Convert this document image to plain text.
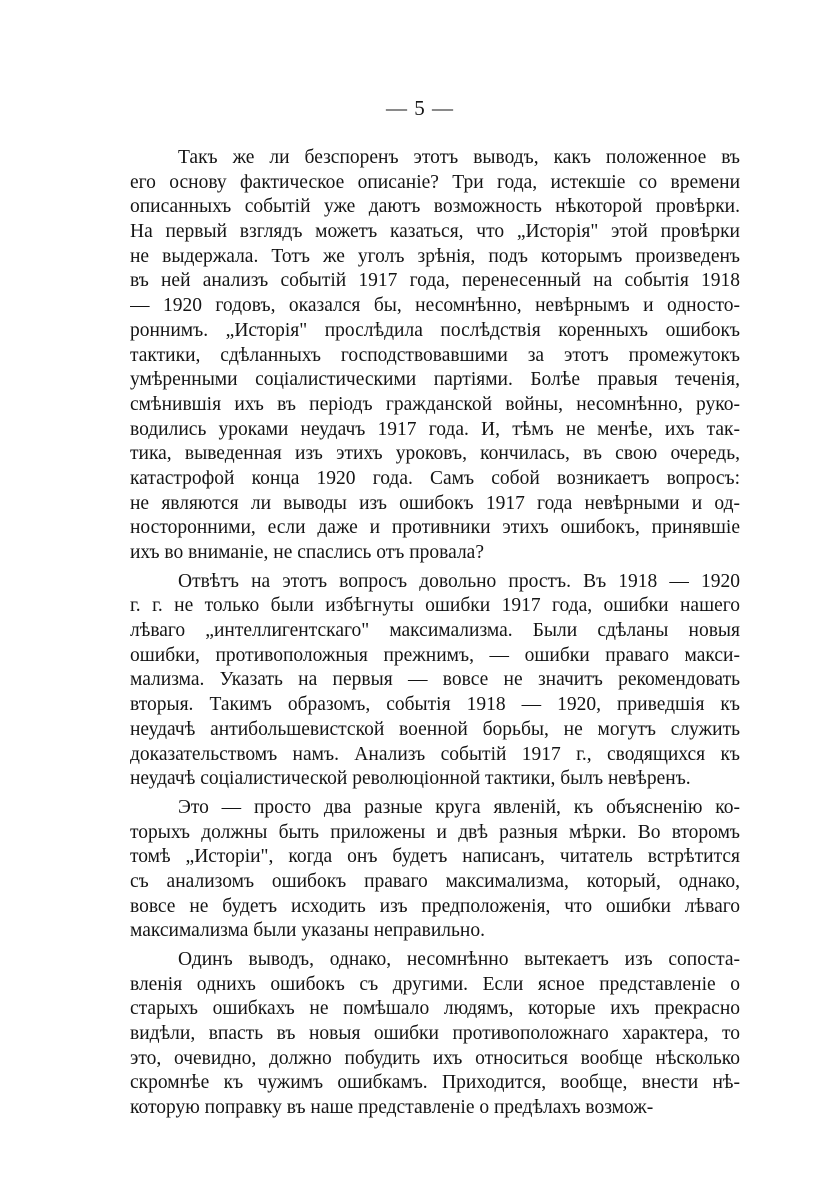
— 5 —
Такъ же ли безспоренъ этотъ выводъ, какъ положенное въ
его основу фактическое описаніе? Три года, истекшіе со времени
описанныхъ событій уже даютъ возможность нѣкоторой провѣрки.
На первый взглядъ можетъ казаться, что „Исторія" этой провѣрки
не выдержала. Тотъ же уголъ зрѣнія, подъ которымъ произведенъ
въ ней анализъ событій 1917 года, перенесенный на событія 1918
— 1920 годовъ, оказался бы, несомнѣнно, невѣрнымъ и односто-
роннимъ. „Исторія" прослѣдила послѣдствія коренныхъ ошибокъ
тактики, сдѣланныхъ господствовавшими за этотъ промежутокъ
умѣренными соціалистическими партіями. Болѣе правыя теченія,
смѣнившія ихъ въ періодъ гражданской войны, несомнѣнно, руко-
водились уроками неудачъ 1917 года. И, тѣмъ не менѣе, ихъ так-
тика, выведенная изъ этихъ уроковъ, кончилась, въ свою очередь,
катастрофой конца 1920 года. Самъ собой возникаетъ вопросъ:
не являются ли выводы изъ ошибокъ 1917 года невѣрными и од-
носторонними, если даже и противники этихъ ошибокъ, принявшіе
ихъ во вниманіе, не спаслись отъ провала?
Отвѣтъ на этотъ вопросъ довольно простъ. Въ 1918 — 1920
г. г. не только были избѣгнуты ошибки 1917 года, ошибки нашего
лѣваго „интеллигентскаго" максимализма. Были сдѣланы новыя
ошибки, противоположныя прежнимъ, — ошибки праваго макси-
мализма. Указать на первыя — вовсе не значитъ рекомендовать
вторыя. Такимъ образомъ, событія 1918 — 1920, приведшія къ
неудачѣ антибольшевистской военной борьбы, не могутъ служить
доказательствомъ намъ. Анализъ событій 1917 г., сводящихся къ
неудачѣ соціалистической революціонной тактики, былъ невѣренъ.
Это — просто два разные круга явленій, къ объясненію ко-
торыхъ должны быть приложены и двѣ разныя мѣрки. Во второмъ
томѣ „Исторіи", когда онъ будетъ написанъ, читатель встрѣтится
съ анализомъ ошибокъ праваго максимализма, который, однако,
вовсе не будетъ исходить изъ предположенія, что ошибки лѣваго
максимализма были указаны неправильно.
Одинъ выводъ, однако, несомнѣнно вытекаетъ изъ сопоста-
вленія однихъ ошибокъ съ другими. Если ясное представленіе о
старыхъ ошибкахъ не помѣшало людямъ, которые ихъ прекрасно
видѣли, впасть въ новыя ошибки противоположнаго характера, то
это, очевидно, должно побудить ихъ относиться вообще нѣсколько
скромнѣе къ чужимъ ошибкамъ. Приходится, вообще, внести нѣ-
которую поправку въ наше представленіе о предѣлахъ возмож-
